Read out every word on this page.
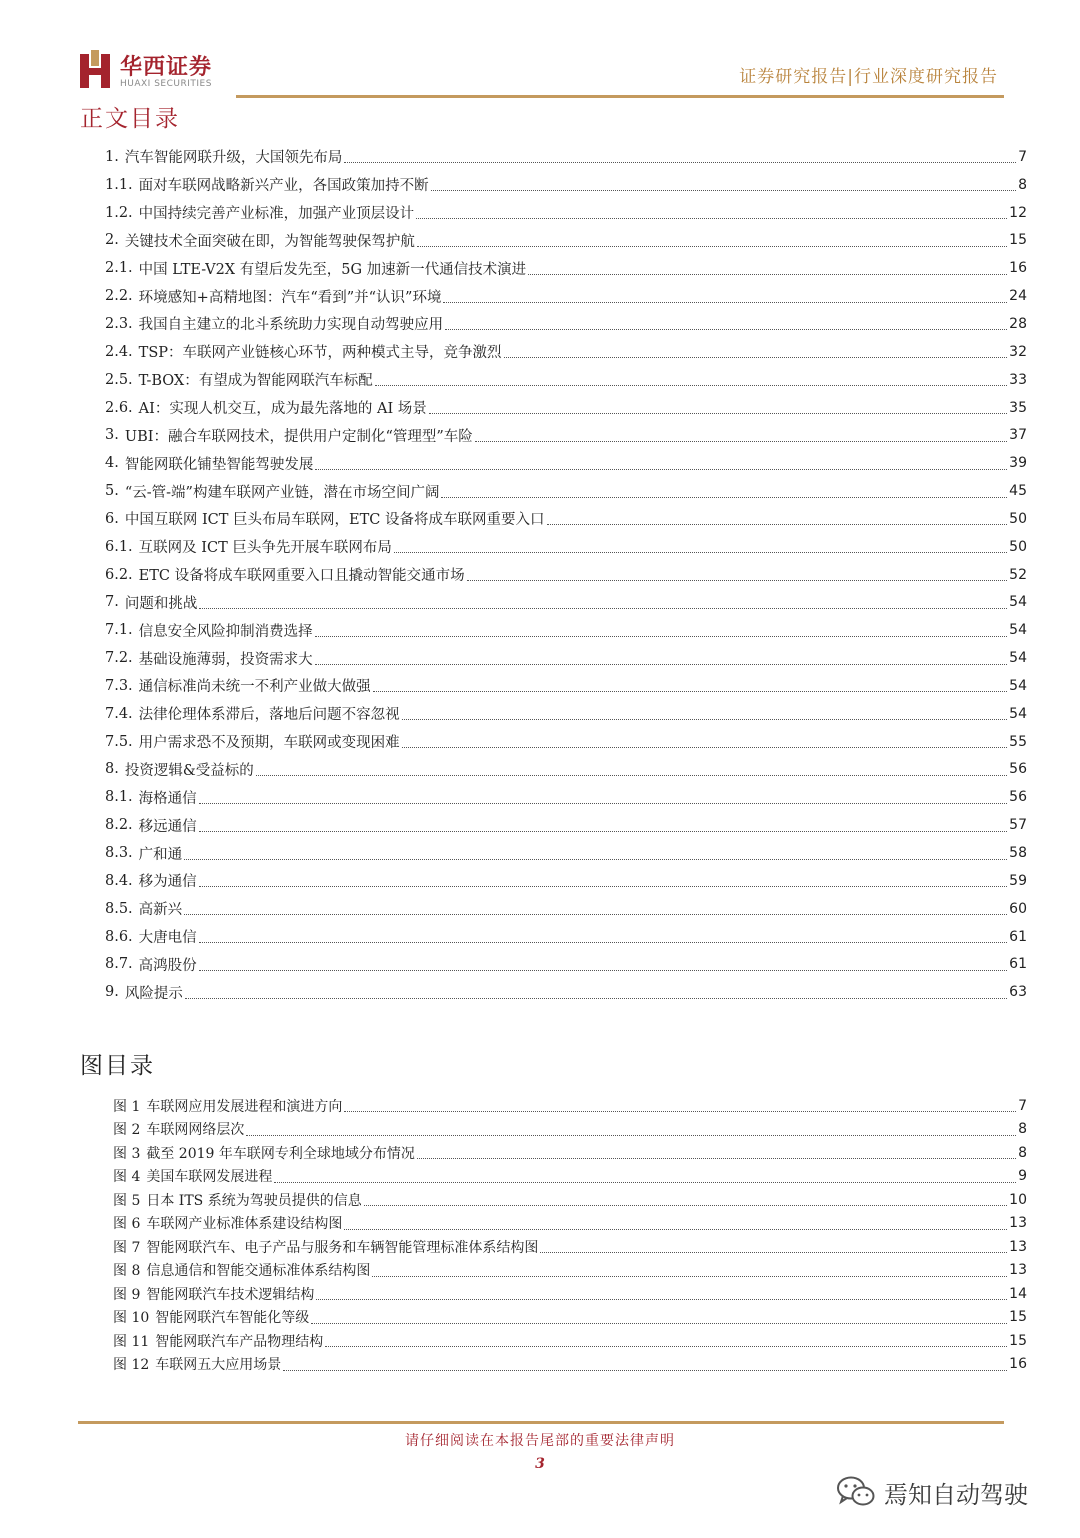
华西证券
HUAXI SECURITIES	证券研究报告|行业深度研究报告
正文目录
1. 汽车智能网联升级，大国领先布局	7
1.1. 面对车联网战略新兴产业，各国政策加持不断	8
1.2. 中国持续完善产业标准，加强产业顶层设计	12
2. 关键技术全面突破在即，为智能驾驶保驾护航	15
2.1. 中国 LTE-V2X 有望后发先至，5G 加速新一代通信技术演进	16
2.2. 环境感知+高精地图：汽车“看到”并“认识”环境	24
2.3. 我国自主建立的北斗系统助力实现自动驾驶应用	28
2.4. TSP：车联网产业链核心环节，两种模式主导，竞争激烈	32
2.5. T-BOX：有望成为智能网联汽车标配	33
2.6. AI：实现人机交互，成为最先落地的 AI 场景	35
3. UBI：融合车联网技术，提供用户定制化“管理型”车险	37
4. 智能网联化铺垫智能驾驶发展	39
5. “云-管-端”构建车联网产业链，潜在市场空间广阔	45
6. 中国互联网 ICT 巨头布局车联网，ETC 设备将成车联网重要入口	50
6.1. 互联网及 ICT 巨头争先开展车联网布局	50
6.2. ETC 设备将成车联网重要入口且撬动智能交通市场	52
7. 问题和挑战	54
7.1. 信息安全风险抑制消费选择	54
7.2. 基础设施薄弱，投资需求大	54
7.3. 通信标准尚未统一不利产业做大做强	54
7.4. 法律伦理体系滞后，落地后问题不容忽视	54
7.5. 用户需求恐不及预期，车联网或变现困难	55
8. 投资逻辑&受益标的	56
8.1. 海格通信	56
8.2. 移远通信	57
8.3. 广和通	58
8.4. 移为通信	59
8.5. 高新兴	60
8.6. 大唐电信	61
8.7. 高鸿股份	61
9. 风险提示	63
图目录
图 1 车联网应用发展进程和演进方向	7
图 2 车联网网络层次	8
图 3 截至 2019 年车联网专利全球地域分布情况	8
图 4 美国车联网发展进程	9
图 5 日本 ITS 系统为驾驶员提供的信息	10
图 6 车联网产业标准体系建设结构图	13
图 7 智能网联汽车、电子产品与服务和车辆智能管理标准体系结构图	13
图 8 信息通信和智能交通标准体系结构图	13
图 9 智能网联汽车技术逻辑结构	14
图 10 智能网联汽车智能化等级	15
图 11 智能网联汽车产品物理结构	15
图 12 车联网五大应用场景	16
请仔细阅读在本报告尾部的重要法律声明
3
焉知自动驾驶
